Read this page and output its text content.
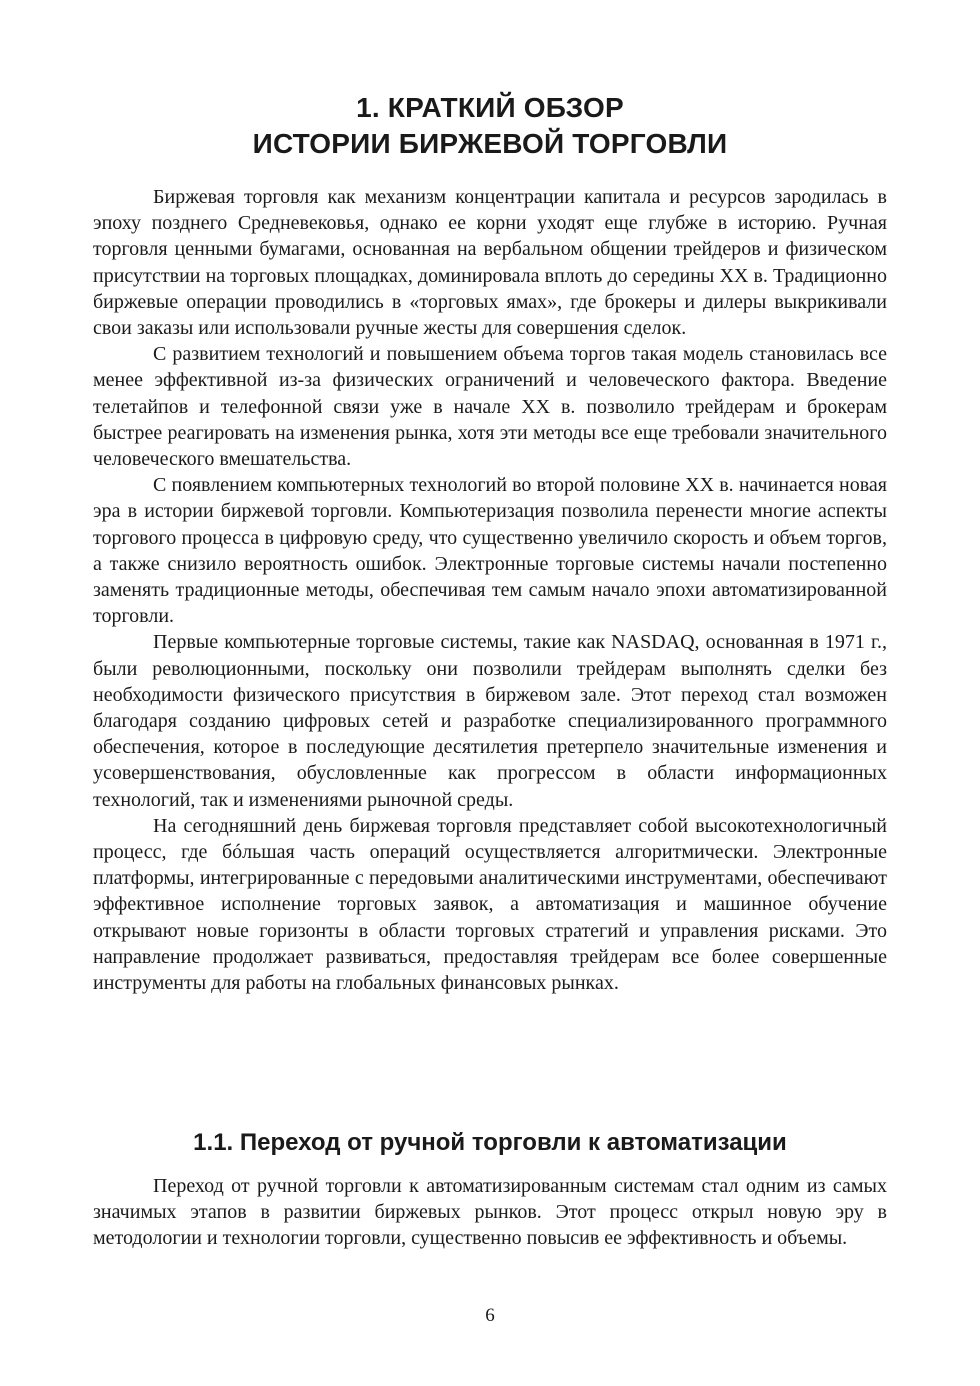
1. КРАТКИЙ ОБЗОР
ИСТОРИИ БИРЖЕВОЙ ТОРГОВЛИ

Биржевая торговля как механизм концентрации капитала и ресурсов зародилась в эпоху позднего Средневековья, однако ее корни уходят еще глубже в историю. Ручная торговля ценными бумагами, основанная на вербальном общении трейдеров и физическом присутствии на торговых площадках, доминировала вплоть до середины XX в. Традиционно биржевые операции проводились в «торговых ямах», где брокеры и дилеры выкрикивали свои заказы или использовали ручные жесты для совершения сделок.

С развитием технологий и повышением объема торгов такая модель становилась все менее эффективной из-за физических ограничений и человеческого фактора. Введение телетайпов и телефонной связи уже в начале XX в. позволило трейдерам и брокерам быстрее реагировать на изменения рынка, хотя эти методы все еще требовали значительного человеческого вмешательства.

С появлением компьютерных технологий во второй половине XX в. начинается новая эра в истории биржевой торговли. Компьютеризация позволила перенести многие аспекты торгового процесса в цифровую среду, что существенно увеличило скорость и объем торгов, а также снизило вероятность ошибок. Электронные торговые системы начали постепенно заменять традиционные методы, обеспечивая тем самым начало эпохи автоматизированной торговли.

Первые компьютерные торговые системы, такие как NASDAQ, основанная в 1971 г., были революционными, поскольку они позволили трейдерам выполнять сделки без необходимости физического присутствия в биржевом зале. Этот переход стал возможен благодаря созданию цифровых сетей и разработке специализированного программного обеспечения, которое в последующие десятилетия претерпело значительные изменения и усовершенствования, обусловленные как прогрессом в области информационных технологий, так и изменениями рыночной среды.

На сегодняшний день биржевая торговля представляет собой высокотехнологичный процесс, где бóльшая часть операций осуществляется алгоритмически. Электронные платформы, интегрированные с передовыми аналитическими инструментами, обеспечивают эффективное исполнение торговых заявок, а автоматизация и машинное обучение открывают новые горизонты в области торговых стратегий и управления рисками. Это направление продолжает развиваться, предоставляя трейдерам все более совершенные инструменты для работы на глобальных финансовых рынках.

1.1. Переход от ручной торговли к автоматизации

Переход от ручной торговли к автоматизированным системам стал одним из самых значимых этапов в развитии биржевых рынков. Этот процесс открыл новую эру в методологии и технологии торговли, существенно повысив ее эффективность и объемы.

6
